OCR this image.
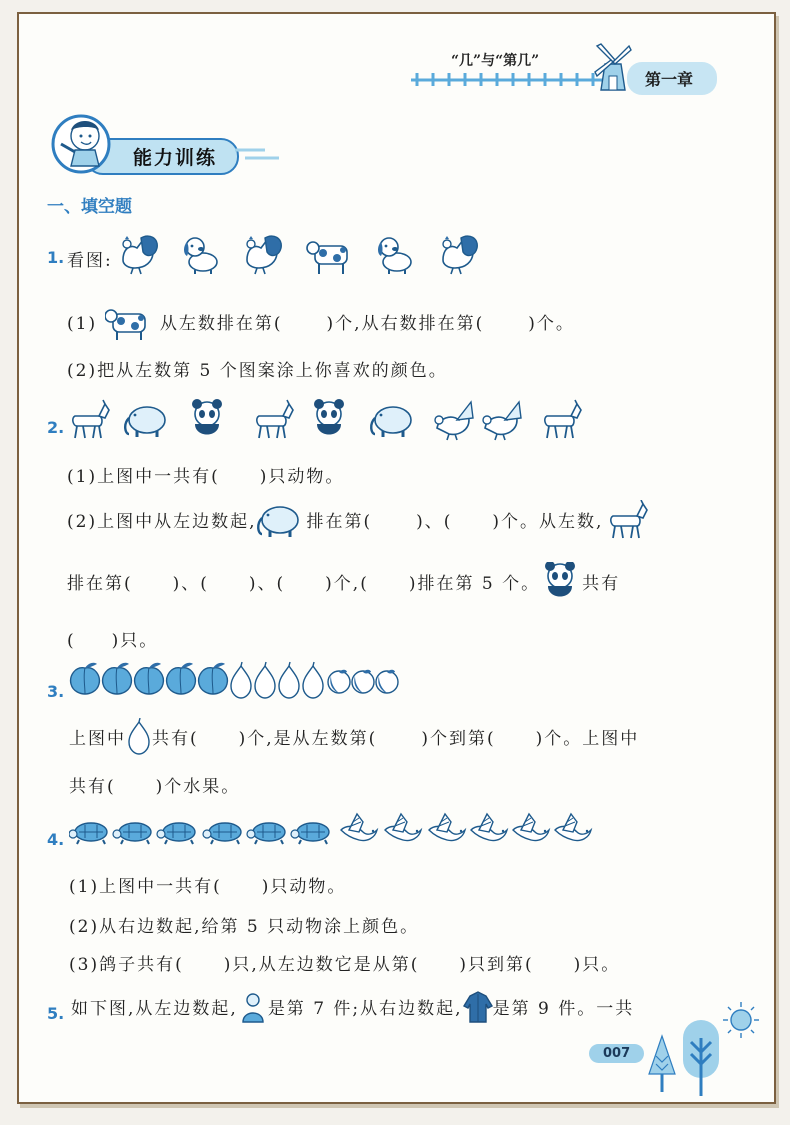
“几”与“第几”
第一章
能力训练
一、填空题
1. 看图:
(1)	从左数排在第(	)个,从右数排在第(	)个。
(2)把从左数第 5 个图案涂上你喜欢的颜色。
2.
(1)上图中一共有( )只动物。
(2)上图中从左边数起,	排在第(	)、( )个。从左数,
排在第( )、( )、( )个,( )排在第 5 个。 共有
( )只。
3.
上图中 共有( )个,是从左数第(	)个到第( )个。上图中
共有( )个水果。
4.
(1)上图中一共有( )只动物。
(2)从右边数起,给第 5 只动物涂上颜色。
(3)鸽子共有( )只,从左边数它是从第( )只到第( )只。
5. 如下图,从左边数起, 是第 7 件;从右边数起, 是第 9 件。一共
007
